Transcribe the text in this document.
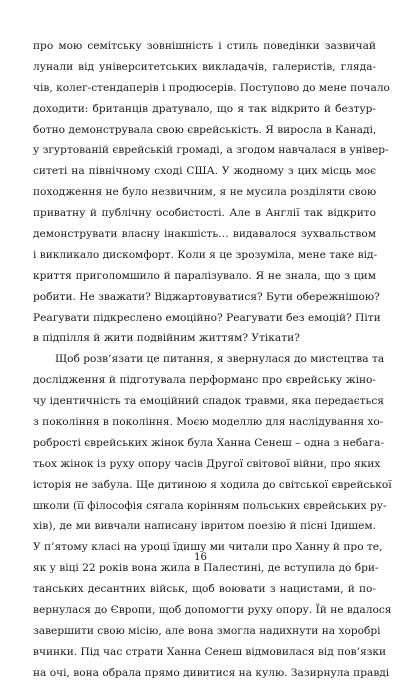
про мою семітську зовнішність і стиль поведінки зазвичай
лунали від університетських викладачів, галеристів, гляда-
чів, колег-стендаперів і продюсерів. Поступово до мене почало
доходити: британців дратувало, що я так відкрито й безтур-
ботно демонструвала свою єврейськість. Я виросла в Канаді,
у згуртованій єврейській громаді, а згодом навчалася в універ-
ситеті на північному сході США. У жодному з цих місць моє
походження не було незвичним, я не мусила розділяти свою
приватну й публічну особистості. Але в Англії так відкрито
демонструвати власну інакшість… видавалося зухвальством
і викликало дискомфорт. Коли я це зрозуміла, мене таке від-
криття приголомшило й паралізувало. Я не знала, що з цим
робити. Не зважати? Віджартовуватися? Бути обережнішою?
Реагувати підкреслено емоційно? Реагувати без емоцій? Піти
в підпілля й жити подвійним життям? Утікати?
Щоб розв’язати це питання, я звернулася до мистецтва та
дослідження й підготувала перформанс про єврейську жіно-
чу ідентичність та емоційний спадок травми, яка передається
з покоління в покоління. Моєю моделлю для наслідування хо-
робрості єврейських жінок була Ханна Сенеш – одна з небага-
тьох жінок із руху опору часів Другої світової війни, про яких
історія не забула. Ще дитиною я ходила до світської єврейської
школи (її філософія сягала корінням польських єврейських ру-
хів), де ми вивчали написану івритом поезію й пісні Ідишем.
У п’ятому класі на уроці їдишу ми читали про Ханну й про те,
як у віці 22 років вона жила в Палестині, де вступила до бри-
танських десантних військ, щоб воювати з нацистами, й по-
вернулася до Європи, щоб допомогти руху опору. Їй не вдалося
завершити свою місію, але вона змогла надихнути на хоробрі
вчинки. Під час страти Ханна Сенеш відмовилася від пов’язки
на очі, вона обрала прямо дивитися на кулю. Зазирнула правді
16
